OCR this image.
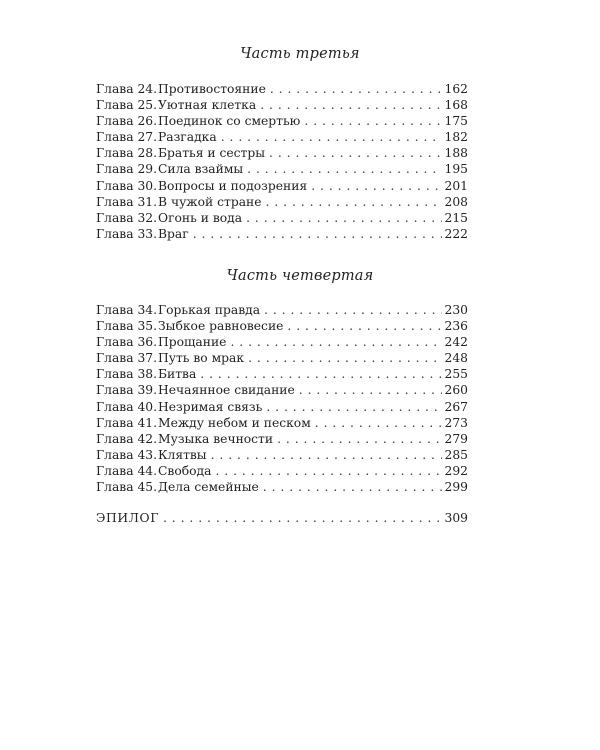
Часть третья
Глава 24. Противостояние . . .	162
Глава 25. Уютная клетка . . .	168
Глава 26. Поединок со смертью . . .	175
Глава 27. Разгадка . . .	182
Глава 28. Братья и сестры . . .	188
Глава 29. Сила взаймы . . .	195
Глава 30. Вопросы и подозрения . . .	201
Глава 31. В чужой стране . . .	208
Глава 32. Огонь и вода . . .	215
Глава 33. Враг . . .	222
Часть четвертая
Глава 34. Горькая правда . . .	230
Глава 35. Зыбкое равновесие . . .	236
Глава 36. Прощание . . .	242
Глава 37. Путь во мрак . . .	248
Глава 38. Битва . . .	255
Глава 39. Нечаянное свидание . . .	260
Глава 40. Незримая связь . . .	267
Глава 41. Между небом и песком . . .	273
Глава 42. Музыка вечности . . .	279
Глава 43. Клятвы . . .	285
Глава 44. Свобода . . .	292
Глава 45. Дела семейные . . .	299
ЭПИЛОГ . . .	309
